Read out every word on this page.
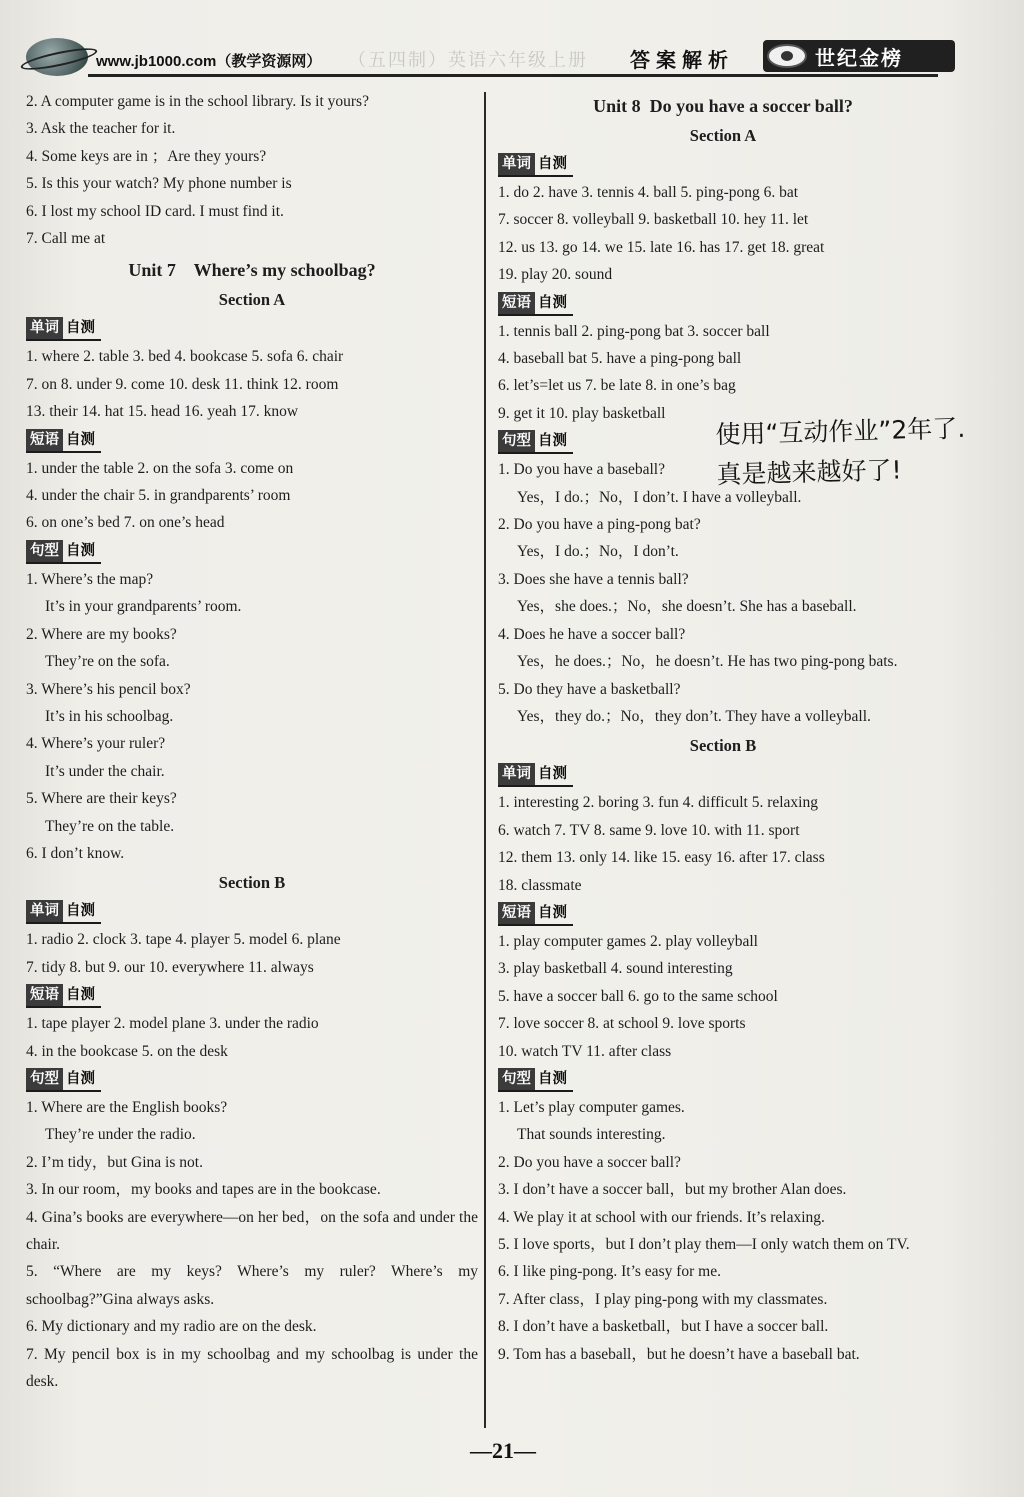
www.jb1000.com（教学资源网） （五四制）英语六年级上册 答案解析	世纪金榜
2. A computer game is in the school library. Is it yours?
3. Ask the teacher for it.
4. Some keys are in ；Are they yours?
5. Is this your watch? My phone number is
6. I lost my school ID card. I must find it.
7. Call me at
Unit 7    Where’s my schoolbag?
Section A
单词 自测
1. where 2. table 3. bed 4. bookcase 5. sofa 6. chair
7. on 8. under 9. come 10. desk 11. think 12. room
13. their 14. hat 15. head 16. yeah 17. know
短语 自测
1. under the table 2. on the sofa 3. come on
4. under the chair 5. in grandparents’ room
6. on one’s bed 7. on one’s head
句型 自测
1. Where’s the map?
It’s in your grandparents’ room.
2. Where are my books?
They’re on the sofa.
3. Where’s his pencil box?
It’s in his schoolbag.
4. Where’s your ruler?
It’s under the chair.
5. Where are their keys?
They’re on the table.
6. I don’t know.
Section B
单词 自测
1. radio 2. clock 3. tape 4. player 5. model 6. plane
7. tidy 8. but 9. our 10. everywhere 11. always
短语 自测
1. tape player 2. model plane 3. under the radio
4. in the bookcase 5. on the desk
句型 自测
1. Where are the English books?
They’re under the radio.
2. I’m tidy，but Gina is not.
3. In our room，my books and tapes are in the bookcase.
4. Gina’s books are everywhere—on her bed，on the sofa and under the chair.
5. “Where are my keys? Where’s my ruler? Where’s my schoolbag?”Gina always asks.
6. My dictionary and my radio are on the desk.
7. My pencil box is in my schoolbag and my schoolbag is under the desk.
Unit 8  Do you have a soccer ball?
Section A
单词 自测
1. do 2. have 3. tennis 4. ball 5. ping-pong 6. bat
7. soccer 8. volleyball 9. basketball 10. hey 11. let
12. us 13. go 14. we 15. late 16. has 17. get 18. great
19. play 20. sound
短语 自测
1. tennis ball 2. ping-pong bat 3. soccer ball
4. baseball bat 5. have a ping-pong ball
6. let’s=let us 7. be late 8. in one’s bag
9. get it 10. play basketball
句型 自测
1. Do you have a baseball?
Yes，I do.；No，I don’t. I have a volleyball.
2. Do you have a ping-pong bat?
Yes，I do.；No，I don’t.
3. Does she have a tennis ball?
Yes，she does.；No，she doesn’t. She has a baseball.
4. Does he have a soccer ball?
Yes，he does.；No，he doesn’t. He has two ping-pong bats.
5. Do they have a basketball?
Yes，they do.；No，they don’t. They have a volleyball.
Section B
单词 自测
1. interesting 2. boring 3. fun 4. difficult 5. relaxing
6. watch 7. TV 8. same 9. love 10. with 11. sport
12. them 13. only 14. like 15. easy 16. after 17. class
18. classmate
短语 自测
1. play computer games 2. play volleyball
3. play basketball 4. sound interesting
5. have a soccer ball 6. go to the same school
7. love soccer 8. at school 9. love sports
10. watch TV 11. after class
句型 自测
1. Let’s play computer games.
That sounds interesting.
2. Do you have a soccer ball?
3. I don’t have a soccer ball，but my brother Alan does.
4. We play it at school with our friends. It’s relaxing.
5. I love sports，but I don’t play them—I only watch them on TV.
6. I like ping-pong. It’s easy for me.
7. After class，I play ping-pong with my classmates.
8. I don’t have a basketball，but I have a soccer ball.
9. Tom has a baseball，but he doesn’t have a baseball bat.
使用“互动作业”2年了.
真是越来越好了!
—21—
